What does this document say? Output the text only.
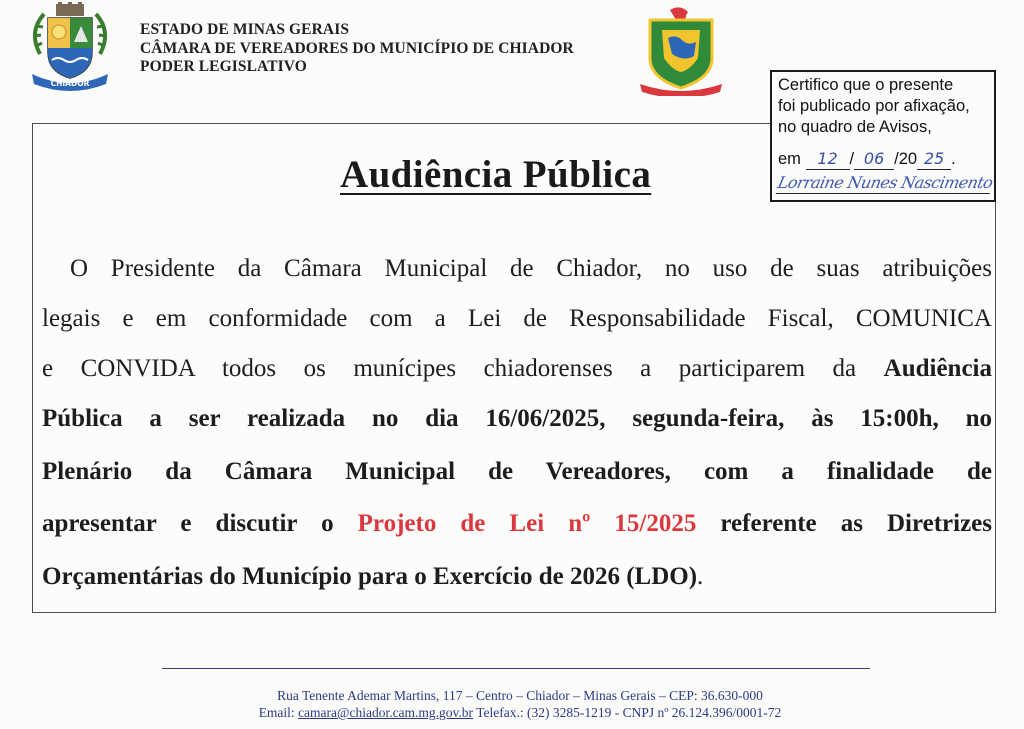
CHIADOR
ESTADO DE MINAS GERAIS
CÂMARA DE VEREADORES DO MUNICÍPIO DE CHIADOR
PODER LEGISLATIVO
Audiência Pública
O Presidente da Câmara Municipal de Chiador, no uso de suas atribuições
legais e em conformidade com a Lei de Responsabilidade Fiscal, COMUNICA
e CONVIDA todos os munícipes chiadorenses a participarem da Audiência
Pública a ser realizada no dia 16/06/2025, segunda-feira, às 15:00h, no
Plenário da Câmara Municipal de Vereadores, com a finalidade de
apresentar e discutir o Projeto de Lei nº 15/2025 referente as Diretrizes
Orçamentárias do Município para o Exercício de 2026 (LDO).
Certifico que o presente
foi publicado por afixação,
no quadro de Avisos,
em 12 / 06 /20 25 .
Lorraine Nunes Nascimento
Rua Tenente Ademar Martins, 117 – Centro – Chiador – Minas Gerais – CEP: 36.630-000
Email: camara@chiador.cam.mg.gov.br Telefax.: (32) 3285-1219 - CNPJ nº 26.124.396/0001-72
